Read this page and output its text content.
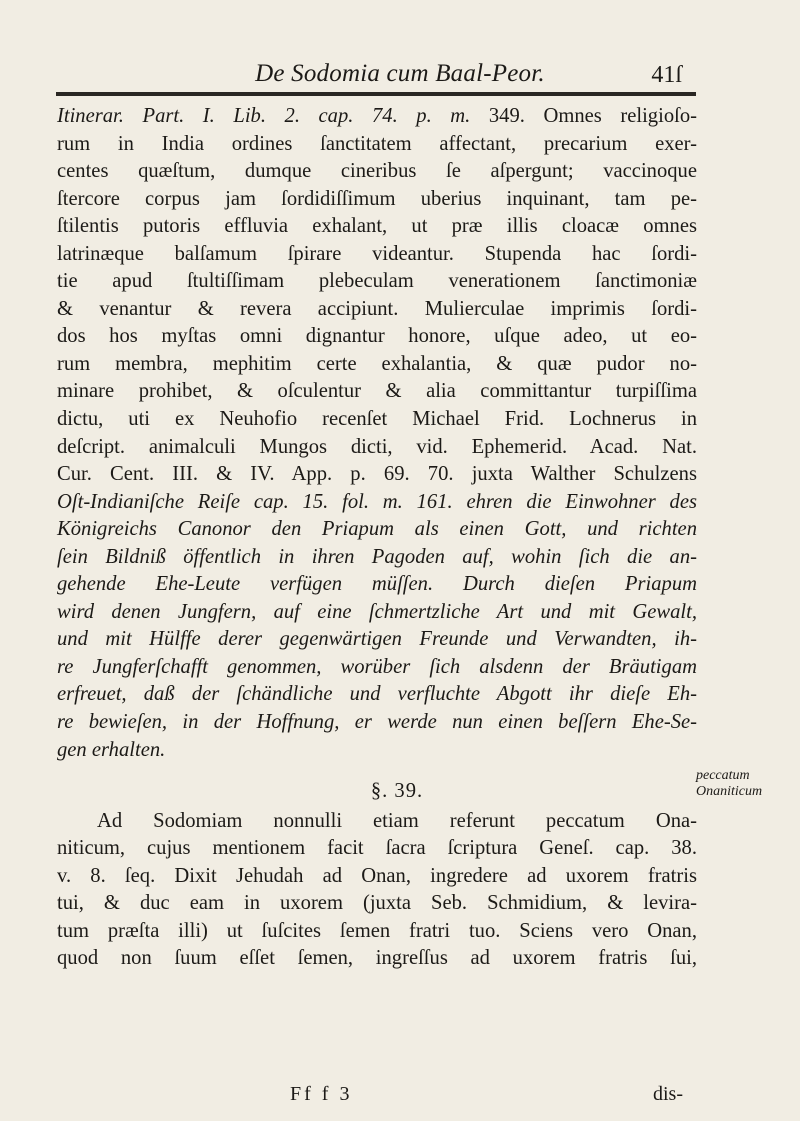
De Sodomia cum Baal-Peor.	41ſ

Itinerar. Part. I. Lib. 2. cap. 74. p. m. 349. Omnes religioſo-
rum in India ordines ſanctitatem affectant, precarium exer-
centes quæſtum, dumque cineribus ſe aſpergunt; vaccinoque
ſtercore corpus jam ſordidiſſimum uberius inquinant, tam pe-
ſtilentis putoris effluvia exhalant, ut præ illis cloacæ omnes
latrinæque balſamum ſpirare videantur. Stupenda hac ſordi-
tie apud ſtultiſſimam plebeculam venerationem ſanctimoniæ
& venantur & revera accipiunt. Mulierculae imprimis ſordi-
dos hos myſtas omni dignantur honore, uſque adeo, ut eo-
rum membra, mephitim certe exhalantia, & quæ pudor no-
minare prohibet, & oſculentur & alia committantur turpiſſima
dictu, uti ex Neuhofio recenſet Michael Frid. Lochnerus in
deſcript. animalculi Mungos dicti, vid. Ephemerid. Acad. Nat.
Cur. Cent. III. & IV. App. p. 69. 70. juxta Walther Schulzens
Oſt-Indianiſche Reiſe cap. 15. fol. m. 161. ehren die Einwohner des
Königreichs Canonor den Priapum als einen Gott, und richten
ſein Bildniß öffentlich in ihren Pagoden auf, wohin ſich die an-
gehende Ehe-Leute verfügen müſſen. Durch dieſen Priapum
wird denen Jungfern, auf eine ſchmertzliche Art und mit Gewalt,
und mit Hülffe derer gegenwärtigen Freunde und Verwandten, ih-
re Jungferſchafft genommen, worüber ſich alsdenn der Bräutigam
erfreuet, daß der ſchändliche und verfluchte Abgott ihr dieſe Eh-
re bewieſen, in der Hoffnung, er werde nun einen beſſern Ehe-Se-
gen erhalten.

§. 39.

Ad Sodomiam nonnulli etiam referunt peccatum Ona-
niticum, cujus mentionem facit ſacra ſcriptura Geneſ. cap. 38.
v. 8. ſeq. Dixit Jehudah ad Onan, ingredere ad uxorem fratris
tui, & duc eam in uxorem (juxta Seb. Schmidium, & levira-
tum præſta illi) ut ſuſcites ſemen fratri tuo. Sciens vero Onan,
quod non ſuum eſſet ſemen, ingreſſus ad uxorem fratris ſui,

peccatum
Onaniticum
Ff f 3	dis-
